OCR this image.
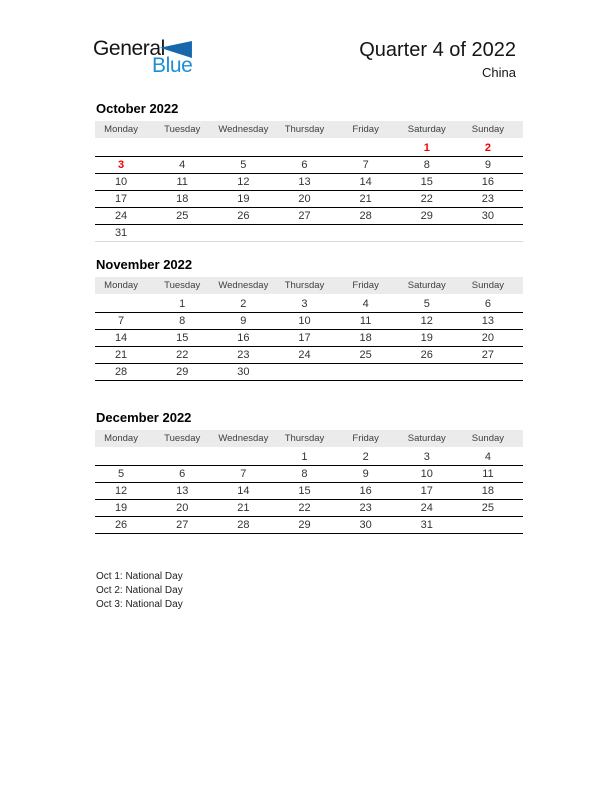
General
Blue
Quarter 4 of 2022
China
October 2022
Monday	Tuesday	Wednesday	Thursday	Friday	Saturday	Sunday
					1	2
3	4	5	6	7	8	9
10	11	12	13	14	15	16
17	18	19	20	21	22	23
24	25	26	27	28	29	30
31						
November 2022
Monday	Tuesday	Wednesday	Thursday	Friday	Saturday	Sunday
	1	2	3	4	5	6
7	8	9	10	11	12	13
14	15	16	17	18	19	20
21	22	23	24	25	26	27
28	29	30				
December 2022
Monday	Tuesday	Wednesday	Thursday	Friday	Saturday	Sunday
			1	2	3	4
5	6	7	8	9	10	11
12	13	14	15	16	17	18
19	20	21	22	23	24	25
26	27	28	29	30	31	
Oct 1: National Day
Oct 2: National Day
Oct 3: National Day
